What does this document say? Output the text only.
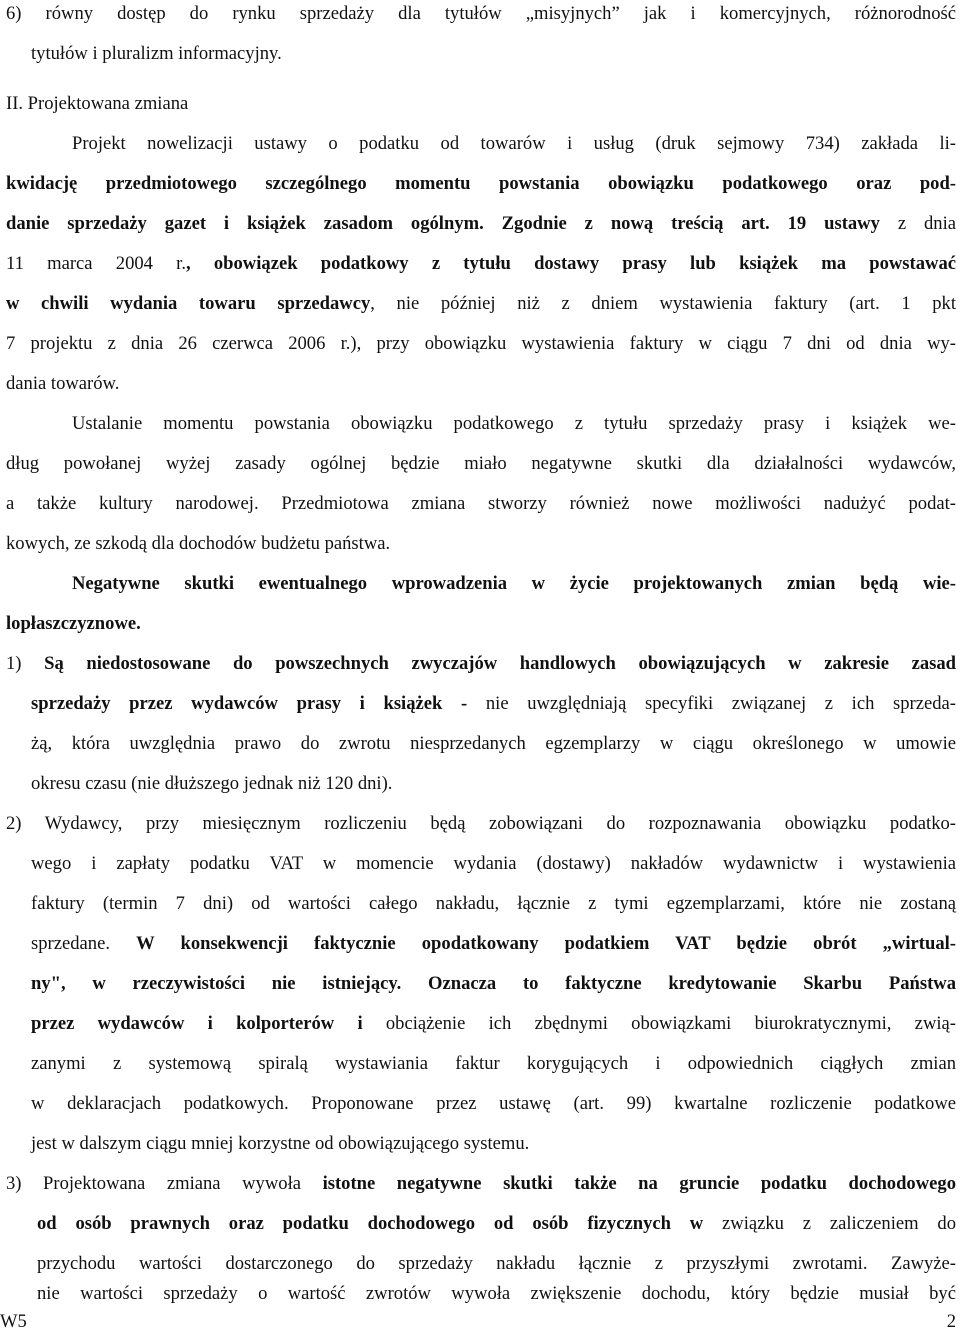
6) równy dostęp do rynku sprzedaży dla tytułów „misyjnych” jak i komercyjnych, różnorodność
tytułów i pluralizm informacyjny.
II. Projektowana zmiana
Projekt nowelizacji ustawy o podatku od towarów i usług (druk sejmowy 734) zakłada li-
kwidację przedmiotowego szczególnego momentu powstania obowiązku podatkowego oraz pod-
danie sprzedaży gazet i książek zasadom ogólnym. Zgodnie z nową treścią art. 19 ustawy z dnia
11 marca 2004 r., obowiązek podatkowy z tytułu dostawy prasy lub książek ma powstawać
w chwili wydania towaru sprzedawcy, nie później niż z dniem wystawienia faktury (art. 1 pkt
7 projektu z dnia 26 czerwca 2006 r.), przy obowiązku wystawienia faktury w ciągu 7 dni od dnia wy-
dania towarów.
Ustalanie momentu powstania obowiązku podatkowego z tytułu sprzedaży prasy i książek we-
dług powołanej wyżej zasady ogólnej będzie miało negatywne skutki dla działalności wydawców,
a także kultury narodowej. Przedmiotowa zmiana stworzy również nowe możliwości nadużyć podat-
kowych, ze szkodą dla dochodów budżetu państwa.
Negatywne skutki ewentualnego wprowadzenia w życie projektowanych zmian będą wie-
lopłaszczyznowe.
1) Są niedostosowane do powszechnych zwyczajów handlowych obowiązujących w zakresie zasad
sprzedaży przez wydawców prasy i książek - nie uwzględniają specyfiki związanej z ich sprzeda-
żą, która uwzględnia prawo do zwrotu niesprzedanych egzemplarzy w ciągu określonego w umowie
okresu czasu (nie dłuższego jednak niż 120 dni).
2) Wydawcy, przy miesięcznym rozliczeniu będą zobowiązani do rozpoznawania obowiązku podatko-
wego i zapłaty podatku VAT w momencie wydania (dostawy) nakładów wydawnictw i wystawienia
faktury (termin 7 dni) od wartości całego nakładu, łącznie z tymi egzemplarzami, które nie zostaną
sprzedane. W konsekwencji faktycznie opodatkowany podatkiem VAT będzie obrót „wirtual-
ny", w rzeczywistości nie istniejący. Oznacza to faktyczne kredytowanie Skarbu Państwa
przez wydawców i kolporterów i obciążenie ich zbędnymi obowiązkami biurokratycznymi, zwią-
zanymi z systemową spiralą wystawiania faktur korygujących i odpowiednich ciągłych zmian
w deklaracjach podatkowych. Proponowane przez ustawę (art. 99) kwartalne rozliczenie podatkowe
jest w dalszym ciągu mniej korzystne od obowiązującego systemu.
3) Projektowana zmiana wywoła istotne negatywne skutki także na gruncie podatku dochodowego
od osób prawnych oraz podatku dochodowego od osób fizycznych w związku z zaliczeniem do
przychodu wartości dostarczonego do sprzedaży nakładu łącznie z przyszłymi zwrotami. Zawyże-
nie wartości sprzedaży o wartość zwrotów wywoła zwiększenie dochodu, który będzie musiał być
W5	2
